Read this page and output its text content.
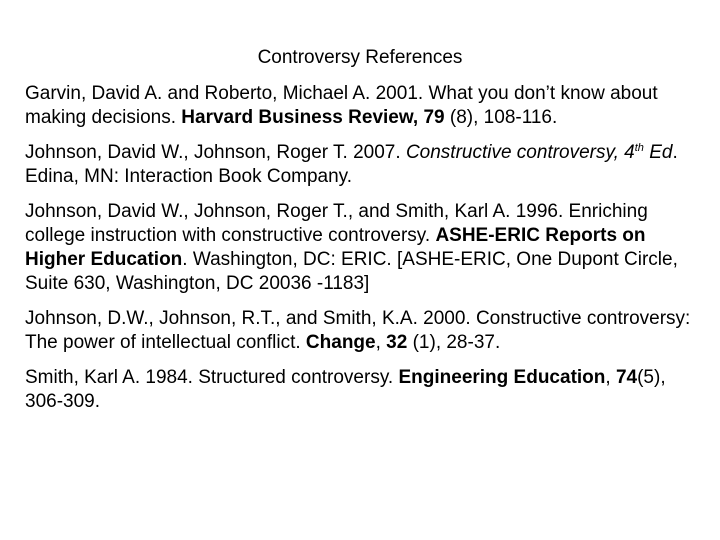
Controversy References

Garvin, David A. and Roberto, Michael A. 2001. What you don’t know about making decisions. Harvard Business Review, 79 (8), 108-116.

Johnson, David W., Johnson, Roger T. 2007. Constructive controversy, 4th Ed. Edina, MN: Interaction Book Company.

Johnson, David W., Johnson, Roger T., and Smith, Karl A. 1996. Enriching college instruction with constructive controversy. ASHE-ERIC Reports on Higher Education. Washington, DC: ERIC. [ASHE-ERIC, One Dupont Circle, Suite 630, Washington, DC 20036 -1183]

Johnson, D.W., Johnson, R.T., and Smith, K.A. 2000. Constructive controversy: The power of intellectual conflict. Change, 32 (1), 28-37.

Smith, Karl A. 1984. Structured controversy. Engineering Education, 74(5), 306-309.
